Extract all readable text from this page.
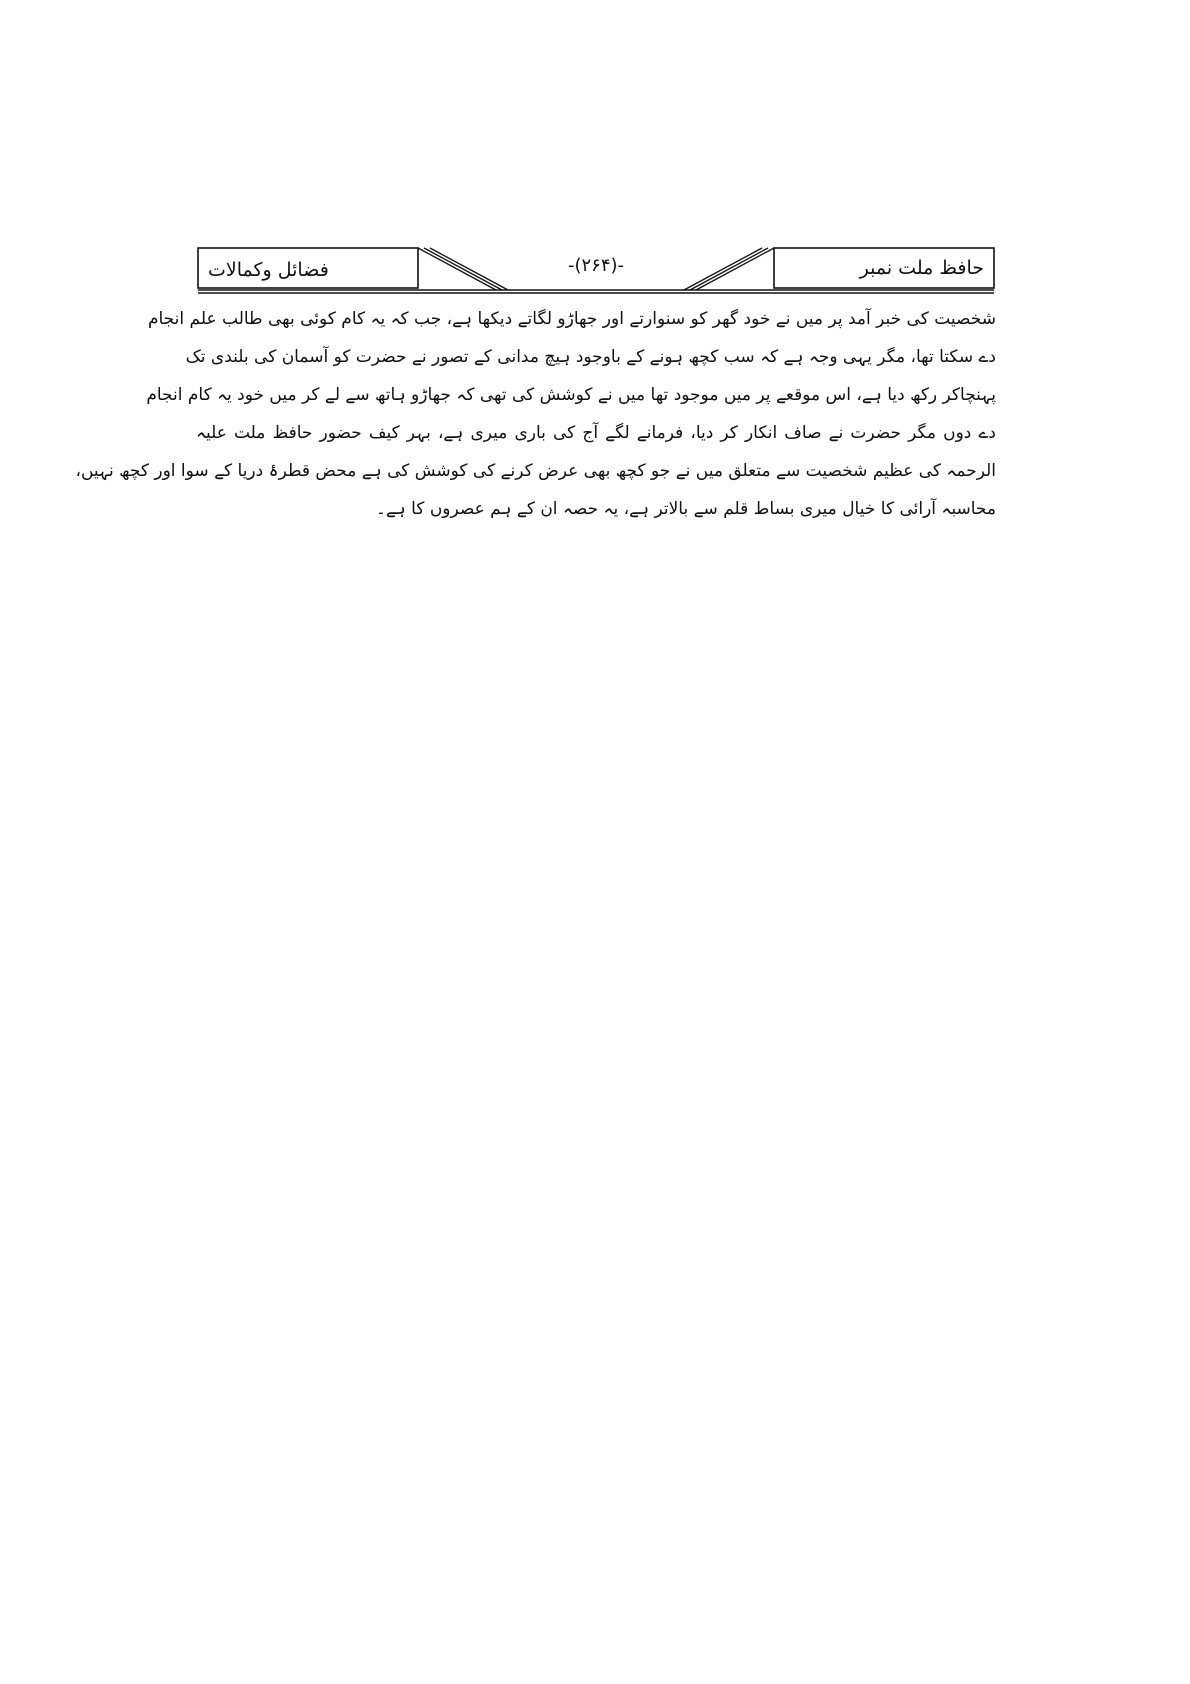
حافظ ملت نمبر
-(۲۶۴)-
فضائل وکمالات
شخصیت کی خبر آمد پر میں نے خود گھر کو سنوارتے اور جھاڑو لگاتے دیکھا ہے، جب کہ یہ کام کوئی بھی طالب علم انجام
دے سکتا تھا، مگر یہی وجہ ہے کہ سب کچھ ہونے کے باوجود ہیچ مدانی کے تصور نے حضرت کو آسمان کی بلندی تک
پہنچاکر رکھ دیا ہے، اس موقعے پر میں موجود تھا میں نے کوشش کی تھی کہ جھاڑو ہاتھ سے لے کر میں خود یہ کام انجام
دے دوں مگر حضرت نے صاف انکار کر دیا، فرمانے لگے آج کی باری میری ہے، بہر کیف حضور حافظ ملت علیہ
الرحمہ کی عظیم شخصیت سے متعلق میں نے جو کچھ بھی عرض کرنے کی کوشش کی ہے محض قطرۂ دریا کے سوا اور کچھ نہیں،
محاسبہ آرائی کا خیال میری بساط قلم سے بالاتر ہے، یہ حصہ ان کے ہم عصروں کا ہے۔
